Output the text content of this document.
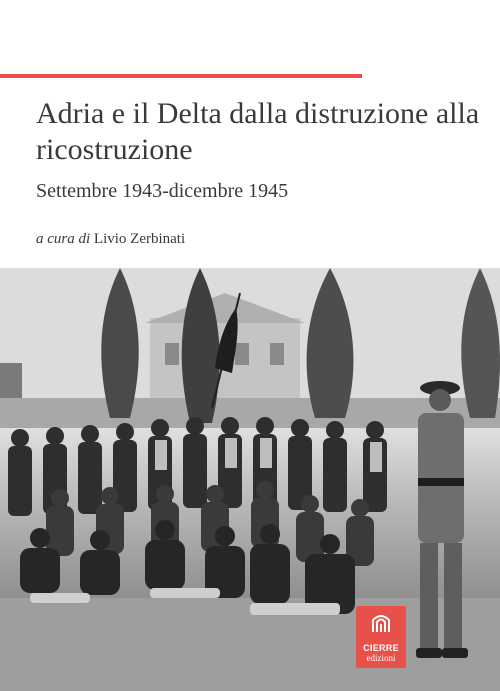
Adria e il Delta dalla distruzione alla ricostruzione
Settembre 1943-dicembre 1945
a cura di Livio Zerbinati
CIERRE
edizioni
